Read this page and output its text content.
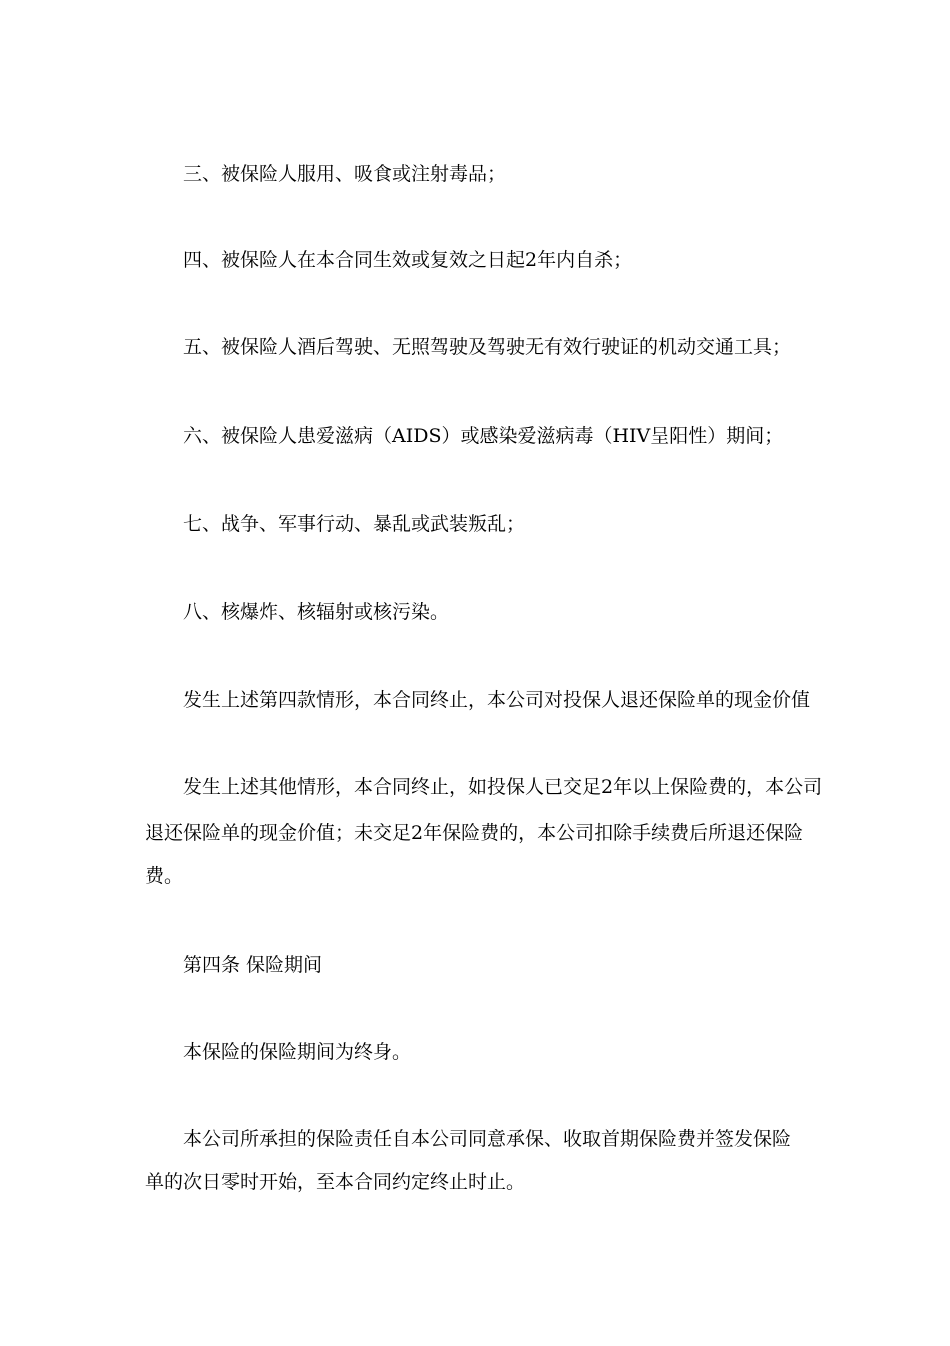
三、被保险人服用、吸食或注射毒品；
四、被保险人在本合同生效或复效之日起2年内自杀；
五、被保险人酒后驾驶、无照驾驶及驾驶无有效行驶证的机动交通工具；
六、被保险人患爱滋病（AIDS）或感染爱滋病毒（HIV呈阳性）期间；
七、战争、军事行动、暴乱或武装叛乱；
八、核爆炸、核辐射或核污染。
发生上述第四款情形，本合同终止，本公司对投保人退还保险单的现金价值
发生上述其他情形，本合同终止，如投保人已交足2年以上保险费的，本公司
退还保险单的现金价值；未交足2年保险费的，本公司扣除手续费后所退还保险
费。
第四条 保险期间
本保险的保险期间为终身。
本公司所承担的保险责任自本公司同意承保、收取首期保险费并签发保险
单的次日零时开始，至本合同约定终止时止。
